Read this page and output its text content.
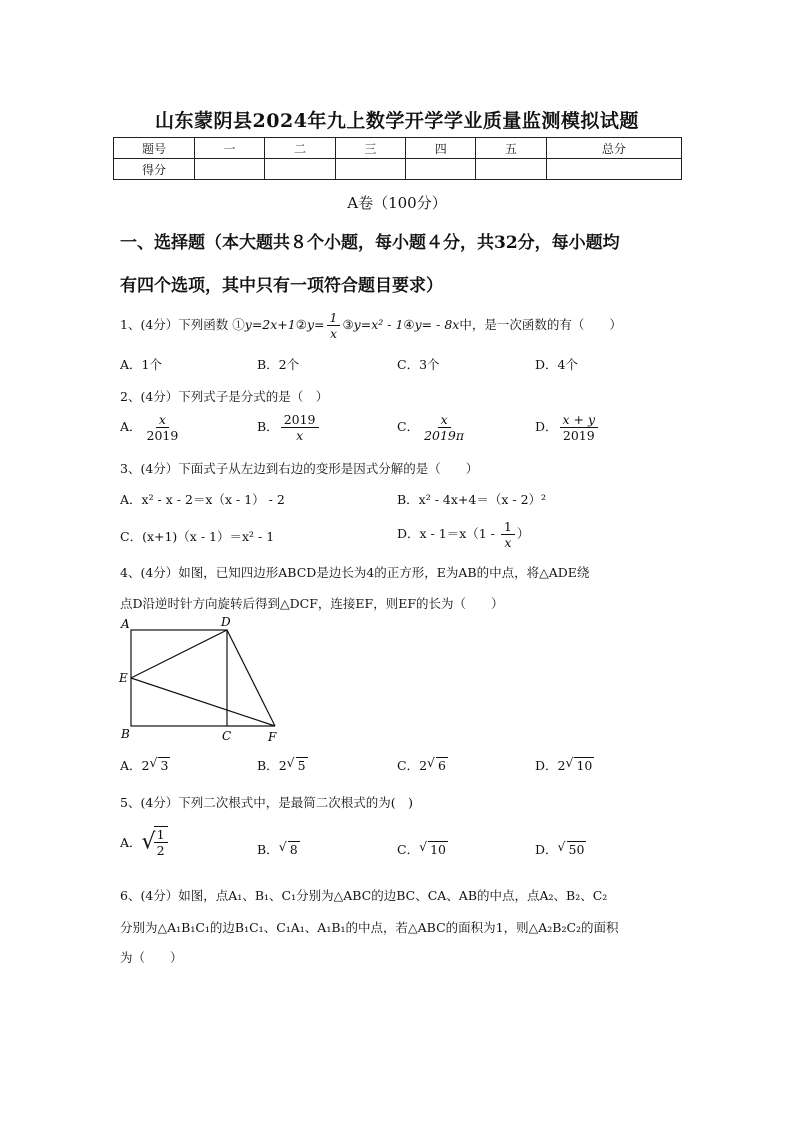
山东蒙阴县2024年九上数学开学学业质量监测模拟试题
题号	一	二	三	四	五	总分
得分						
A卷（100分）
一、选择题（本大题共８个小题，每小题４分，共32分，每小题均
有四个选项，其中只有一项符合题目要求）
1、(4分）下列函数 ①y=2x+1②y= $\frac{1}{x}$ ③y=x² - 1④y= - 8x中，是一次函数的有（　　）
A．1个	B．2个	C．3个	D．4个
2、(4分）下列式子是分式的是（　）
A． $\frac{x}{2019}$	B． $\frac{2019}{x}$	C． $\frac{x}{2019\pi}$	D． $\frac{x + y}{2019}$
3、(4分）下面式子从左边到右边的变形是因式分解的是（　　）
A．x² - x - 2＝x（x - 1） - 2	B．x² - 4x+4＝（x - 2）²
C．(x+1)（x - 1）＝x² - 1	D．$x - 1=x(1 - \frac{1}{x}$ ）
4、(4分）如图，已知四边形ABCD是边长为4的正方形，E为AB的中点，将△ADE绕
点D沿逆时针方向旋转后得到△DCF，连接EF，则EF的长为（　　）
A	D
E
B	C	F
A．2 √ 3	B．2 √ 5	C．2 √ 6	D．2 √ 10
5、(4分）下列二次根式中，是最简二次根式的为(　)
A．√
$\frac{1}{2}$	B． √ 8	C． √ 10	D． √ 50
6、(4分）如图，点A₁、B₁、C₁分别为△ABC的边BC、CA、AB的中点，点A₂、B₂、C₂
分别为△A₁B₁C₁的边B₁C₁、C₁A₁、A₁B₁的中点，若△ABC的面积为1，则△A₂B₂C₂的面积
为（　　）
